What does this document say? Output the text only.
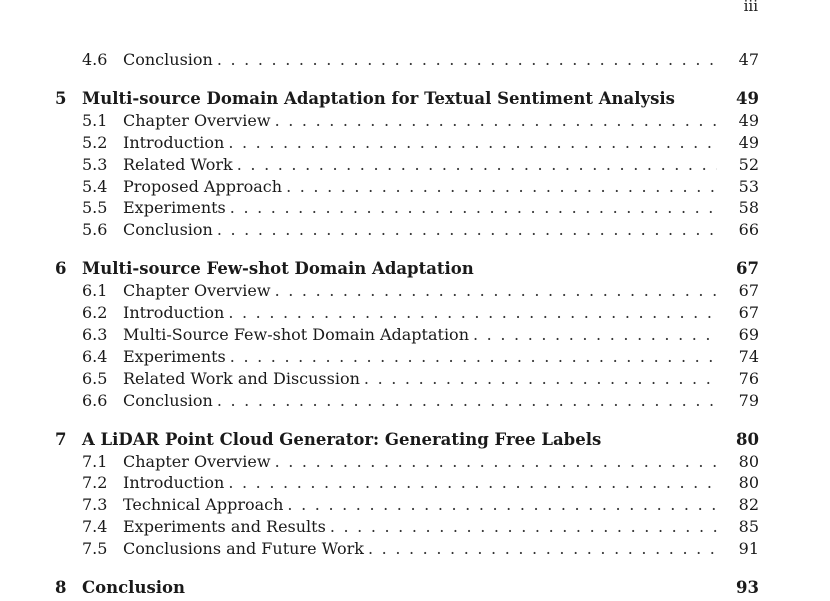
iii
4.6 Conclusion . . .	47
5 Multi-source Domain Adaptation for Textual Sentiment Analysis	49
5.1 Chapter Overview . . .	49
5.2 Introduction . . .	49
5.3 Related Work . . .	52
5.4 Proposed Approach . . .	53
5.5 Experiments . . .	58
5.6 Conclusion . . .	66
6 Multi-source Few-shot Domain Adaptation	67
6.1 Chapter Overview . . .	67
6.2 Introduction . . .	67
6.3 Multi-Source Few-shot Domain Adaptation . . .	69
6.4 Experiments . . .	74
6.5 Related Work and Discussion . . .	76
6.6 Conclusion . . .	79
7 A LiDAR Point Cloud Generator: Generating Free Labels	80
7.1 Chapter Overview . . .	80
7.2 Introduction . . .	80
7.3 Technical Approach . . .	82
7.4 Experiments and Results . . .	85
7.5 Conclusions and Future Work . . .	91
8 Conclusion	93
